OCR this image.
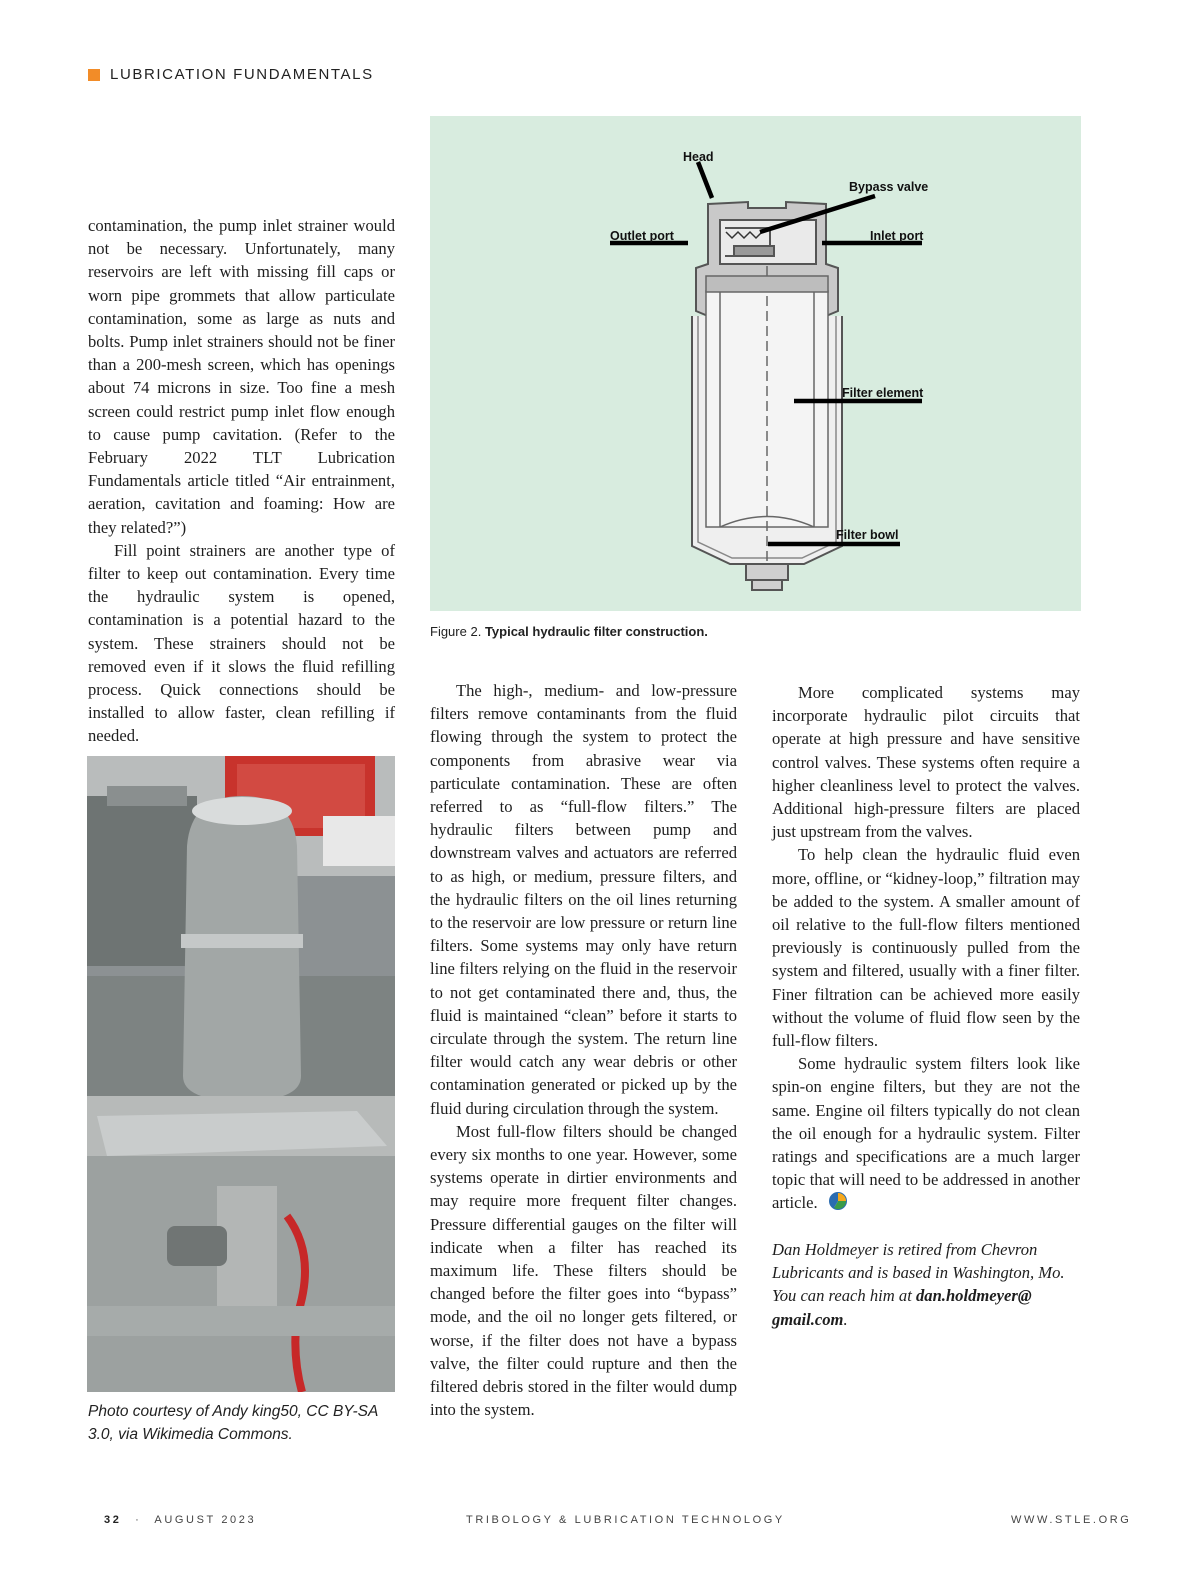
LUBRICATION FUNDAMENTALS

contamination, the pump inlet strainer would not be necessary. Unfortunately, many reservoirs are left with missing fill caps or worn pipe grommets that allow particulate contamination, some as large as nuts and bolts. Pump inlet strainers should not be finer than a 200-mesh screen, which has openings about 74 microns in size. Too fine a mesh screen could restrict pump inlet flow enough to cause pump cavitation. (Refer to the February 2022 TLT Lubrication Fundamentals article titled “Air entrainment, aeration, cavitation and foaming: How are they related?”)

Fill point strainers are another type of filter to keep out contamination. Every time the hydraulic system is opened, contamination is a potential hazard to the system. These strainers should not be removed even if it slows the fluid refilling process. Quick connections should be installed to allow faster, clean refilling if needed.

Head
Bypass valve
Outlet port	Inlet port
Filter element
Filter bowl
Figure 2. Typical hydraulic filter construction.
Photo courtesy of Andy king50, CC BY-SA 3.0, via Wikimedia Commons.

The high-, medium- and low-pressure filters remove contaminants from the fluid flowing through the system to protect the components from abrasive wear via particulate contamination. These are often referred to as “full-flow filters.” The hydraulic filters between pump and downstream valves and actuators are referred to as high, or medium, pressure filters, and the hydraulic filters on the oil lines returning to the reservoir are low pressure or return line filters. Some systems may only have return line filters relying on the fluid in the reservoir to not get contaminated there and, thus, the fluid is maintained “clean” before it starts to circulate through the system. The return line filter would catch any wear debris or other contamination generated or picked up by the fluid during circulation through the system.

Most full-flow filters should be changed every six months to one year. However, some systems operate in dirtier environments and may require more frequent filter changes. Pressure differential gauges on the filter will indicate when a filter has reached its maximum life. These filters should be changed before the filter goes into “bypass” mode, and the oil no longer gets filtered, or worse, if the filter does not have a bypass valve, the filter could rupture and then the filtered debris stored in the filter would dump into the system.

More complicated systems may incorporate hydraulic pilot circuits that operate at high pressure and have sensitive control valves. These systems often require a higher cleanliness level to protect the valves. Additional high-pressure filters are placed just upstream from the valves.

To help clean the hydraulic fluid even more, offline, or “kidney-loop,” filtration may be added to the system. A smaller amount of oil relative to the full-flow filters mentioned previously is continuously pulled from the system and filtered, usually with a finer filter. Finer filtration can be achieved more easily without the volume of fluid flow seen by the full-flow filters.

Some hydraulic system filters look like spin-on engine filters, but they are not the same. Engine oil filters typically do not clean the oil enough for a hydraulic system. Filter ratings and specifications are a much larger topic that will need to be addressed in another article.

Dan Holdmeyer is retired from Chevron Lubricants and is based in Washington, Mo. You can reach him at dan.holdmeyer@ gmail.com.
32 · AUGUST 2023	TRIBOLOGY & LUBRICATION TECHNOLOGY	WWW.STLE.ORG
